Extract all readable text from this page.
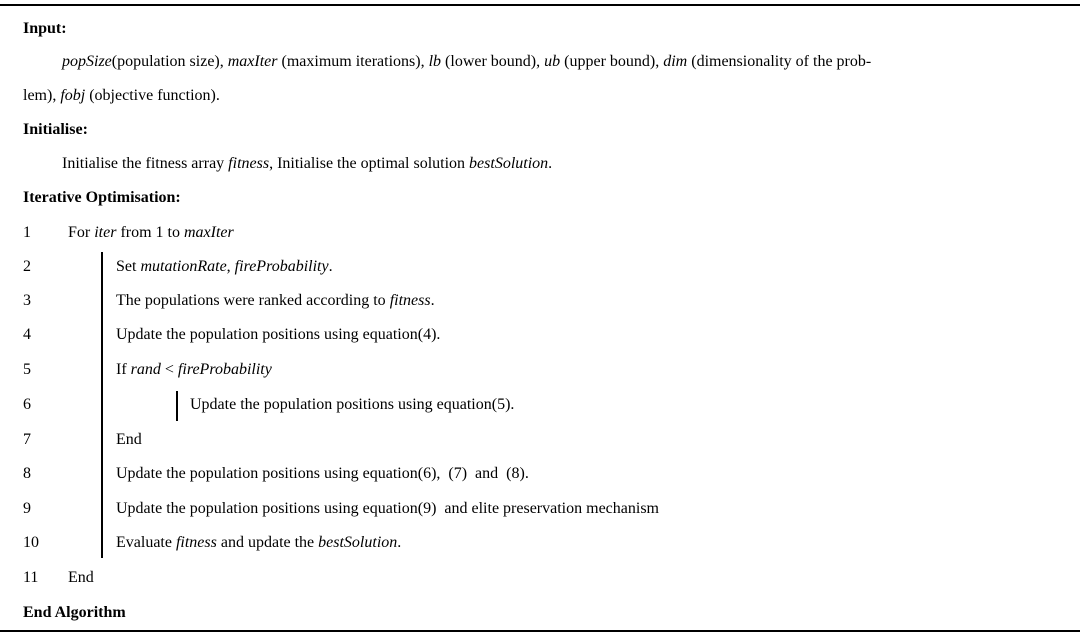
Input:
popSize(population size), maxIter (maximum iterations), lb (lower bound), ub (upper bound), dim (dimensionality of the prob-
lem), fobj (objective function).
Initialise:
Initialise the fitness array fitness, Initialise the optimal solution bestSolution.
Iterative Optimisation:
1 For iter from 1 to maxIter
2	Set mutationRate, fireProbability.
3	The populations were ranked according to fitness.
4	Update the population positions using equation(4).
5	If rand < fireProbability
6	Update the population positions using equation(5).
7	End
8	Update the population positions using equation(6),  (7)  and  (8).
9	Update the population positions using equation(9)  and elite preservation mechanism
10	Evaluate fitness and update the bestSolution.
11 End
End Algorithm
